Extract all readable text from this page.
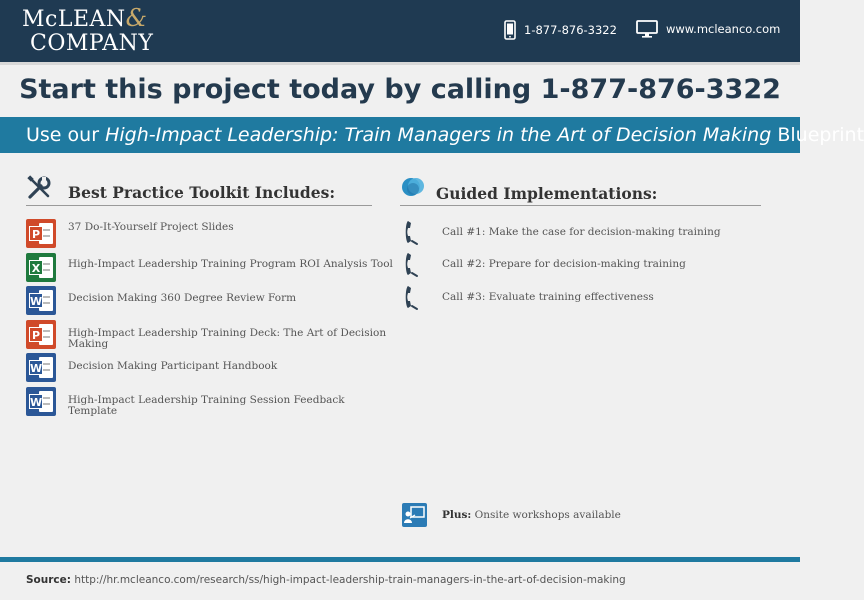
McLEAN&
COMPANY
1-877-876-3322	www.mcleanco.com
Start this project today by calling 1-877-876-3322
Use our High-Impact Leadership: Train Managers in the Art of Decision Making Blueprint
Best Practice Toolkit Includes:
P
37 Do-It-Yourself Project Slides
X	High-Impact Leadership Training Program ROI Analysis Tool
W Decision Making 360 Degree Review Form
P	High-Impact Leadership Training Deck: The Art of Decision Making
W Decision Making Participant Handbook
W High-Impact Leadership Training Session Feedback Template
Guided Implementations:
Call #1: Make the case for decision-making training
Call #2: Prepare for decision-making training
Call #3: Evaluate training effectiveness
Plus: Onsite workshops available
Source: http://hr.mcleanco.com/research/ss/high-impact-leadership-train-managers-in-the-art-of-decision-making
